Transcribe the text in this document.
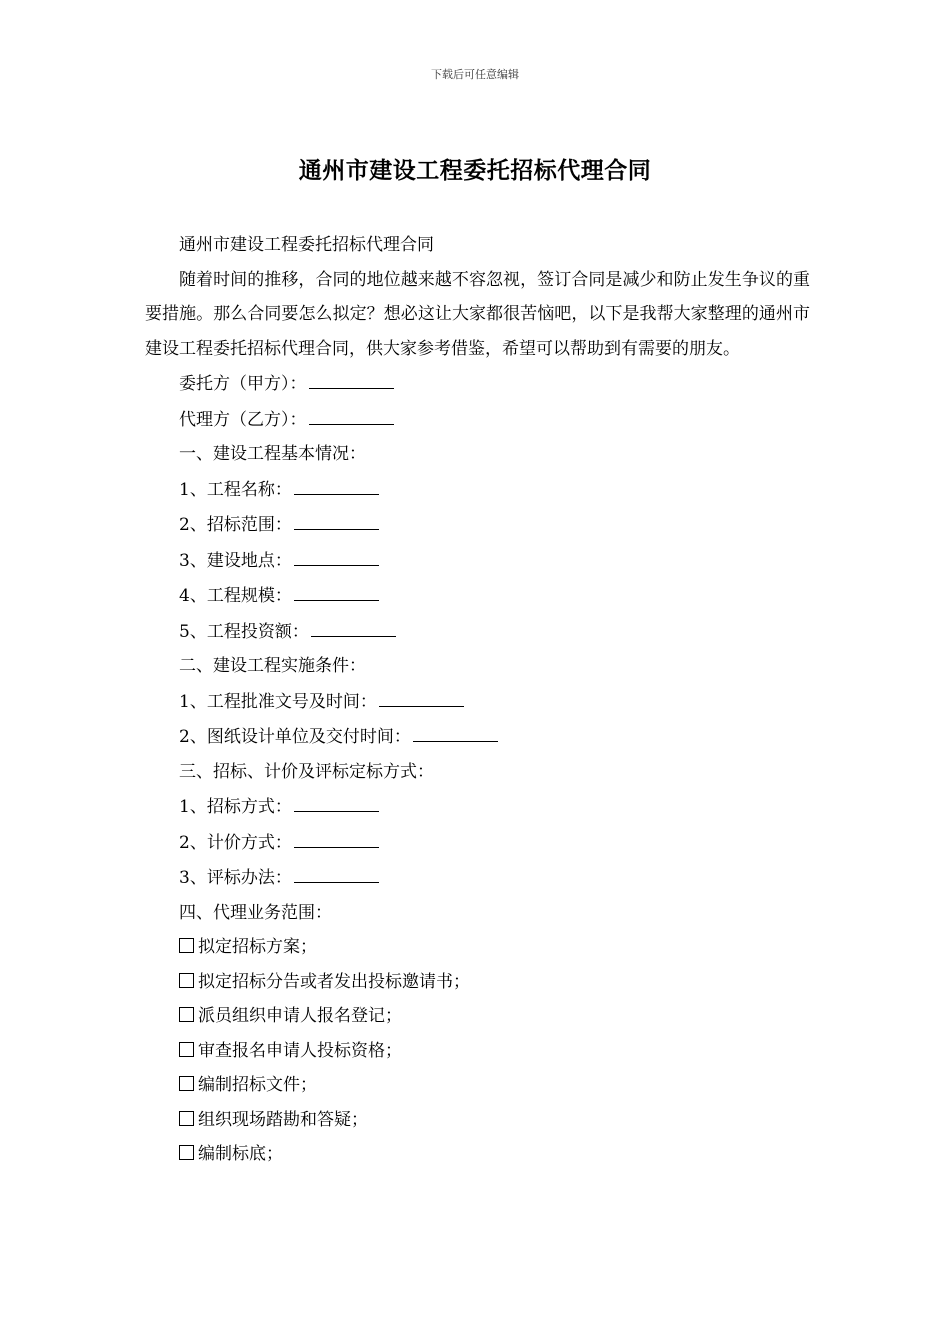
下载后可任意编辑
通州市建设工程委托招标代理合同

通州市建设工程委托招标代理合同

随着时间的推移，合同的地位越来越不容忽视，签订合同是减少和防止发生争议的重要措施。那么合同要怎么拟定？想必这让大家都很苦恼吧，以下是我帮大家整理的通州市建设工程委托招标代理合同，供大家参考借鉴，希望可以帮助到有需要的朋友。

委托方（甲方）：

代理方（乙方）：

一、建设工程基本情况：

1、工程名称：

2、招标范围：

3、建设地点：

4、工程规模：

5、工程投资额：

二、建设工程实施条件：

1、工程批准文号及时间：

2、图纸设计单位及交付时间：

三、招标、计价及评标定标方式：

1、招标方式：

2、计价方式：

3、评标办法：

四、代理业务范围：

拟定招标方案；

拟定招标分告或者发出投标邀请书；

派员组织申请人报名登记；

审查报名申请人投标资格；

编制招标文件；

组织现场踏勘和答疑；

编制标底；
